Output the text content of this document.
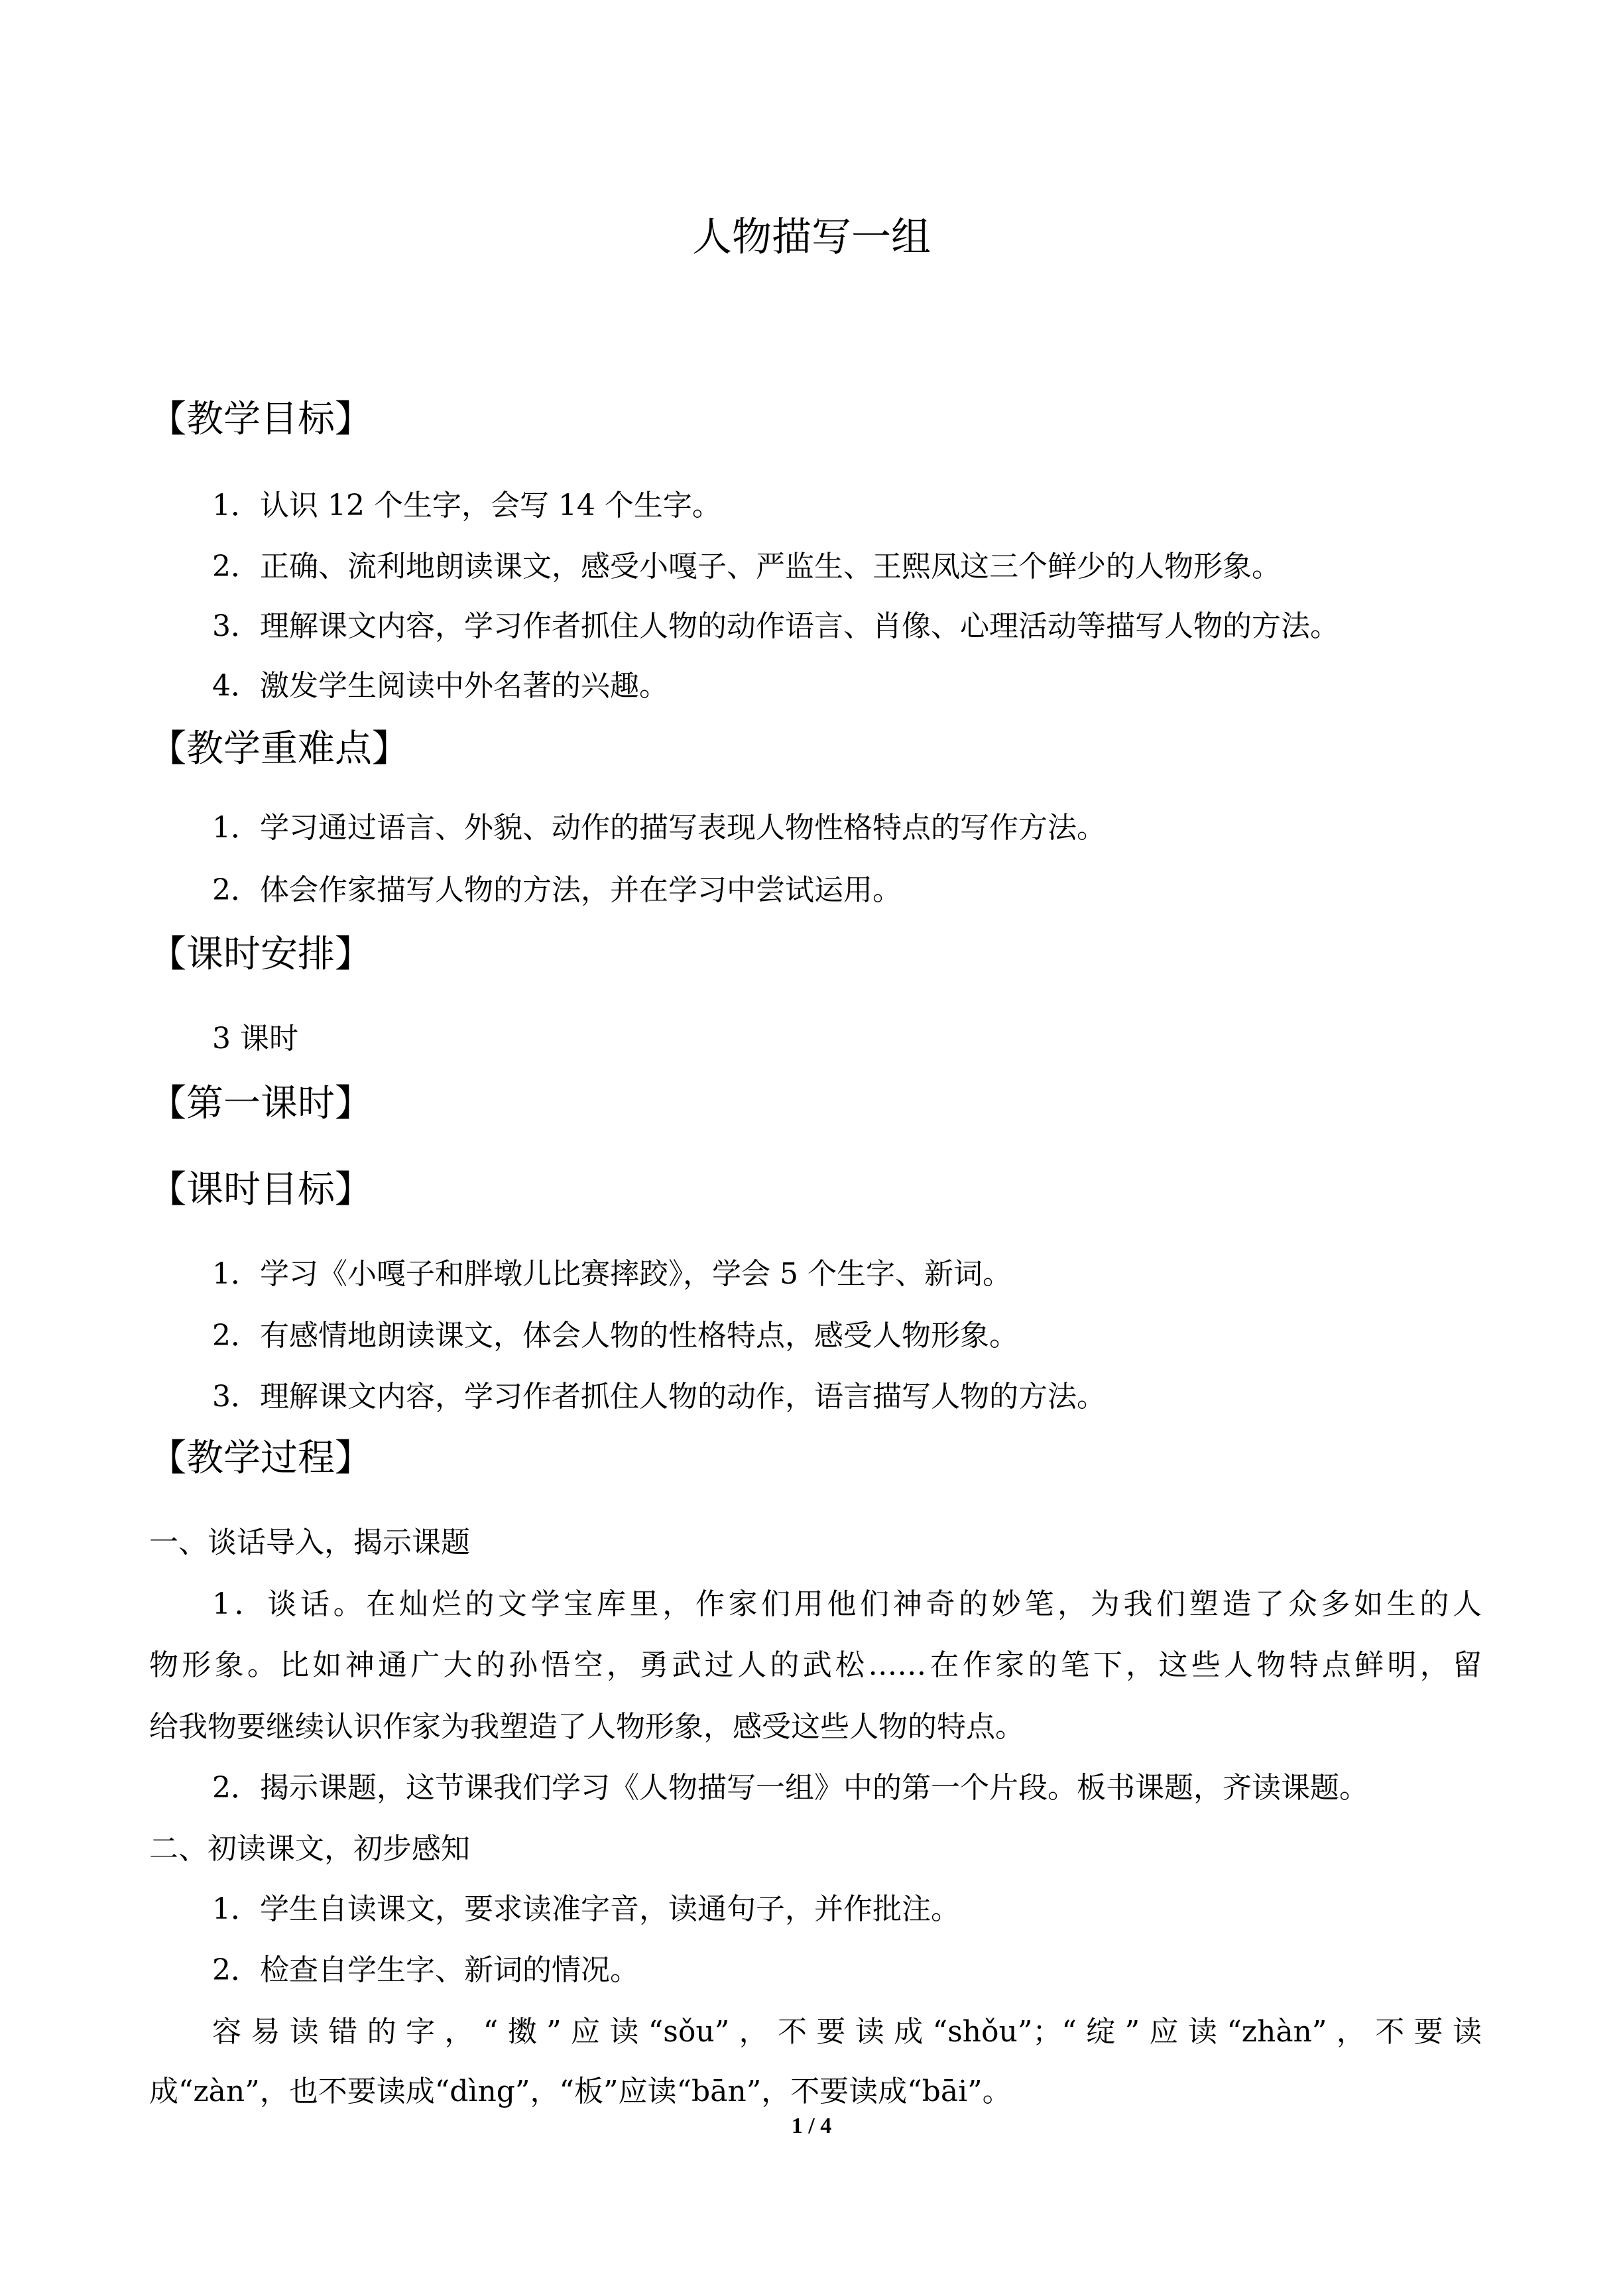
人物描写一组
【教学目标】
1．认识 12 个生字，会写 14 个生字。
2．正确、流利地朗读课文，感受小嘎子、严监生、王熙凤这三个鲜少的人物形象。
3．理解课文内容，学习作者抓住人物的动作语言、肖像、心理活动等描写人物的方法。
4．激发学生阅读中外名著的兴趣。
【教学重难点】
1．学习通过语言、外貌、动作的描写表现人物性格特点的写作方法。
2．体会作家描写人物的方法，并在学习中尝试运用。
【课时安排】
3 课时
【第一课时】
【课时目标】
1．学习《小嘎子和胖墩儿比赛摔跤》，学会 5 个生字、新词。
2．有感情地朗读课文，体会人物的性格特点，感受人物形象。
3．理解课文内容，学习作者抓住人物的动作，语言描写人物的方法。
【教学过程】
一、谈话导入，揭示课题
1．谈话。在灿烂的文学宝库里，作家们用他们神奇的妙笔，为我们塑造了众多如生的人
物形象。比如神通广大的孙悟空，勇武过人的武松……在作家的笔下，这些人物特点鲜明，留
给我物要继续认识作家为我塑造了人物形象，感受这些人物的特点。
2．揭示课题，这节课我们学习《人物描写一组》中的第一个片段。板书课题，齐读课题。
二、初读课文，初步感知
1．学生自读课文，要求读准字音，读通句子，并作批注。
2．检查自学生字、新词的情况。
容易读错的字，“擞”应读“sǒu”，不要读成“shǒu”；“绽”应读“zhàn”，不要读
成“zàn”，也不要读成“dìng”，“板”应读“bān”，不要读成“bāi”。
1 / 4
